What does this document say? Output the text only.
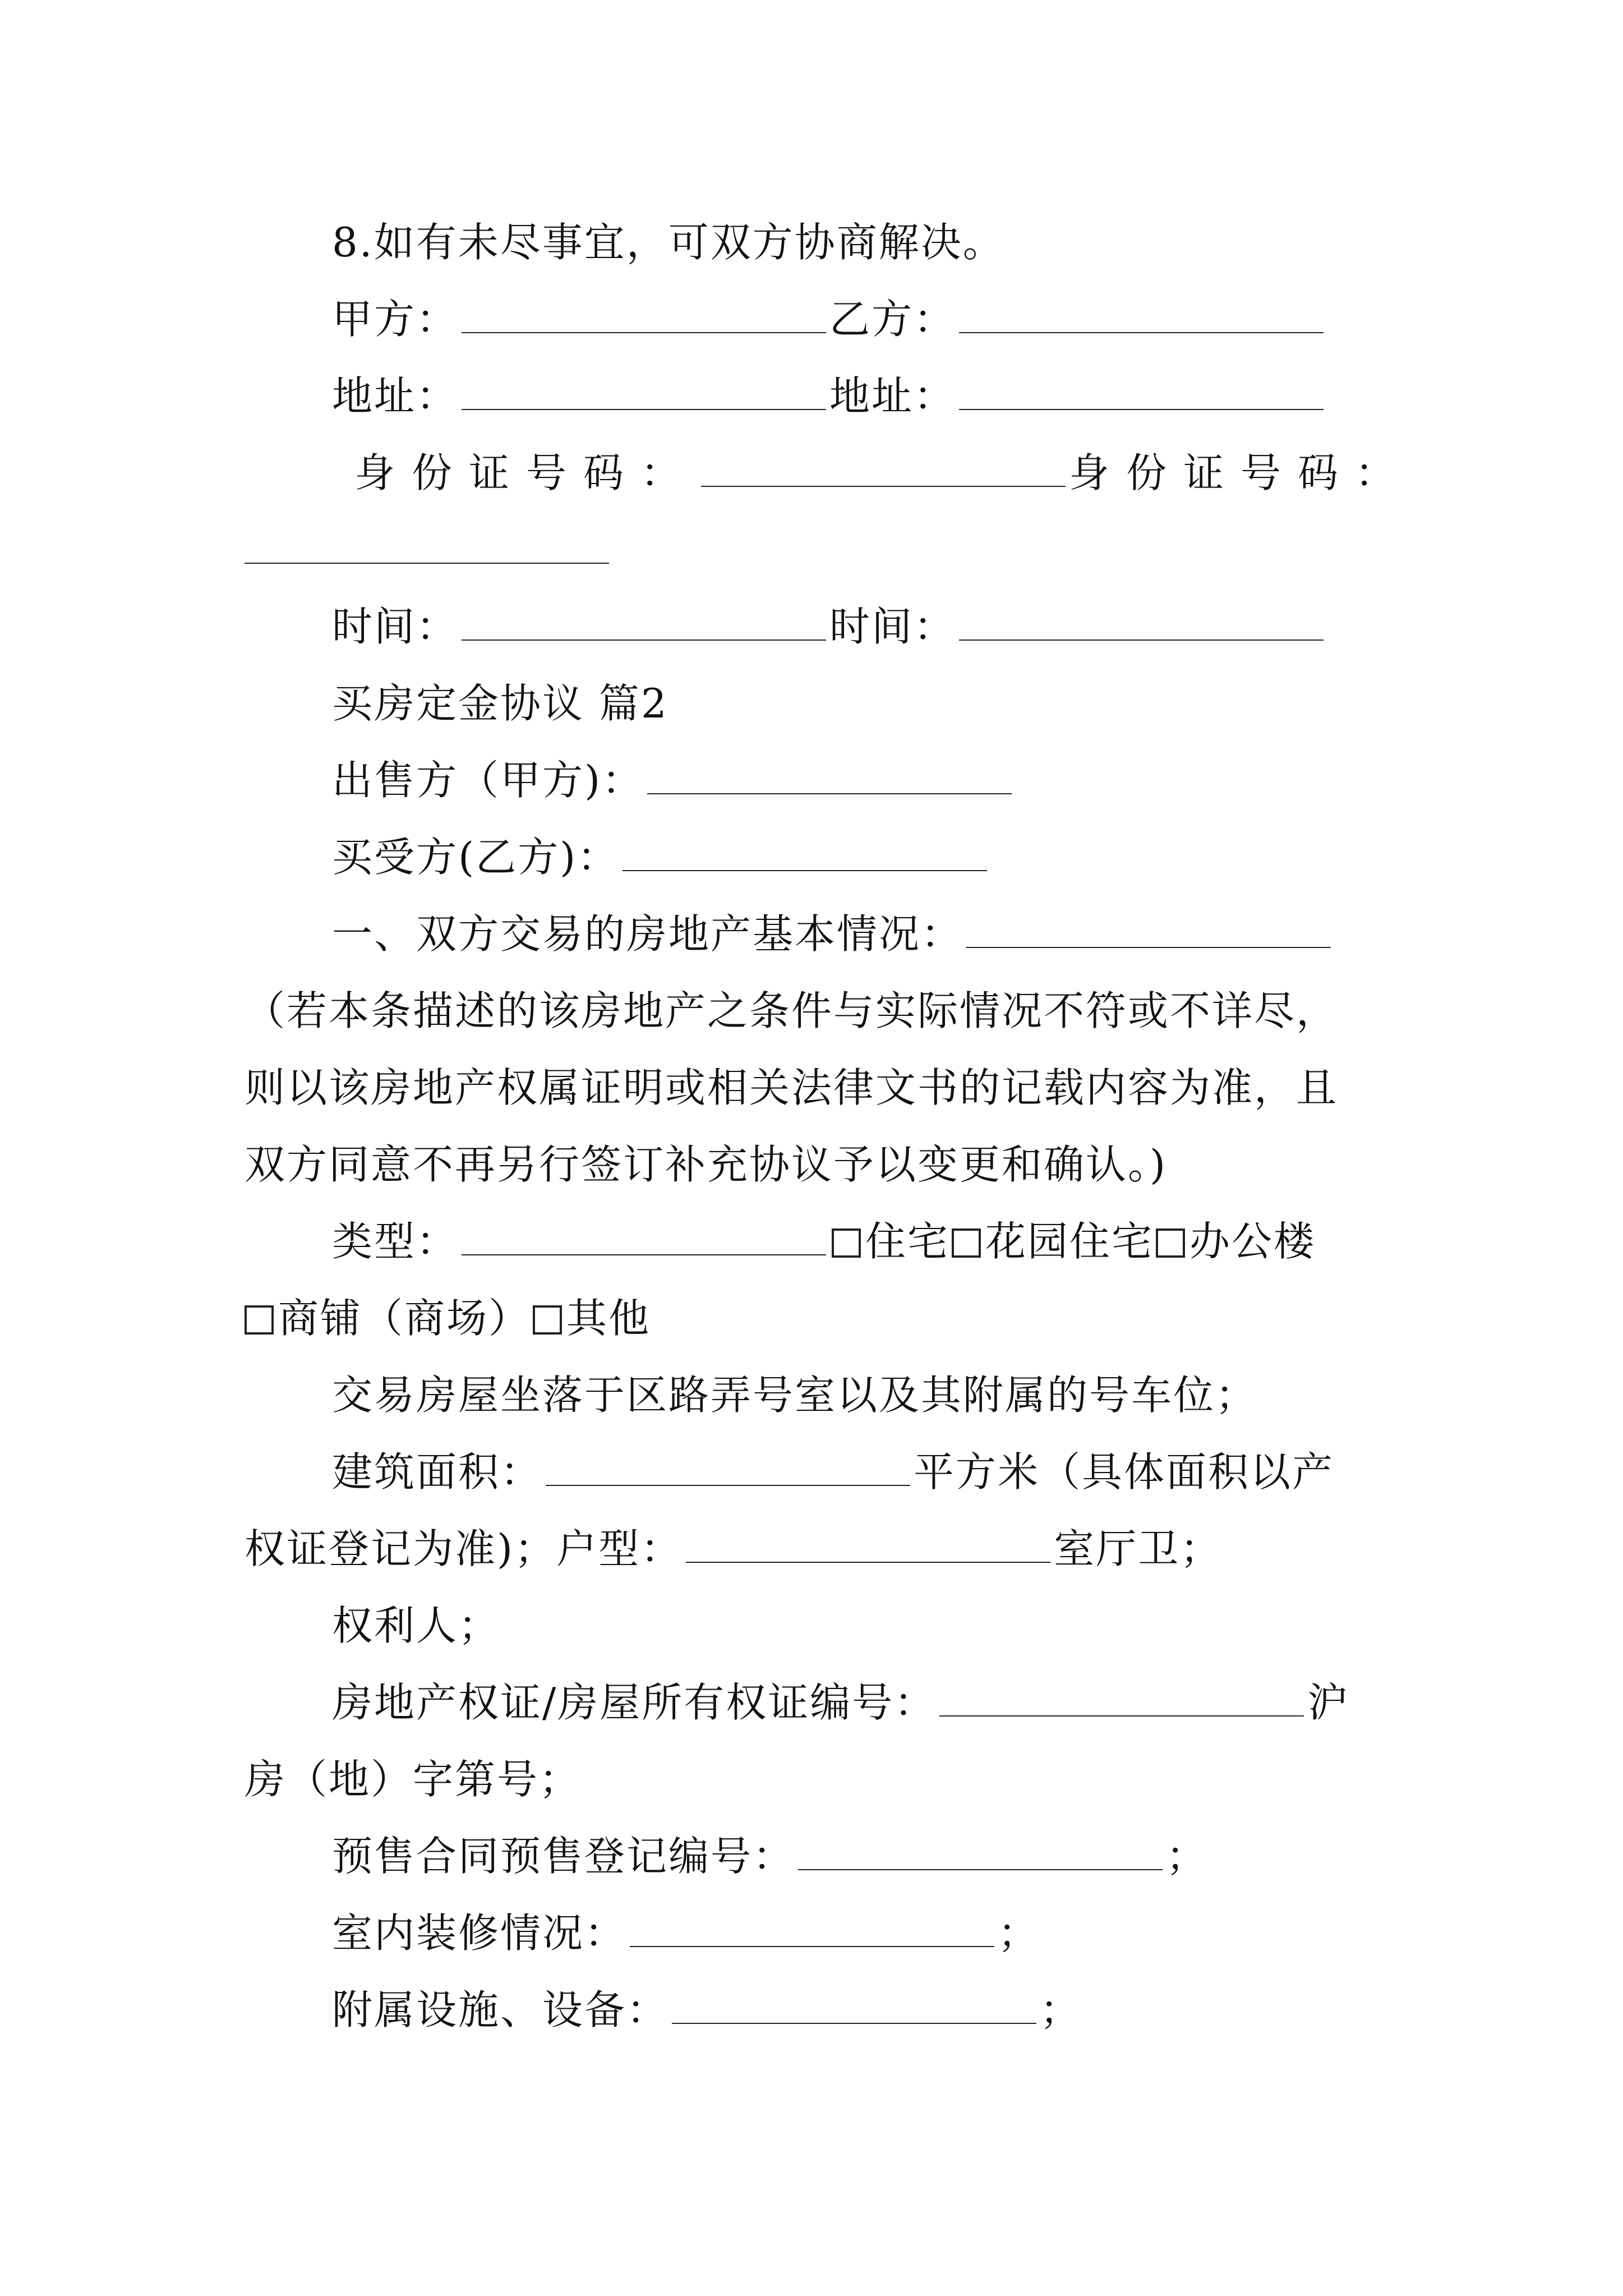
8.如有未尽事宜，可双方协商解决。
甲方：	乙方：
地址：	地址：
身份证号码：	身份证号码：
时间：	时间：
买房定金协议 篇2
出售方（甲方)：
买受方(乙方)：
一、双方交易的房地产基本情况：
（若本条描述的该房地产之条件与实际情况不符或不详尽，
则以该房地产权属证明或相关法律文书的记载内容为准，且
双方同意不再另行签订补充协议予以变更和确认。)
类型：	住宅 花园住宅 办公楼
商铺（商场） 其他
交易房屋坐落于区路弄号室以及其附属的号车位；
建筑面积：	平方米（具体面积以产
权证登记为准)；户型：	室厅卫；
权利人；
房地产权证/房屋所有权证编号：	沪
房（地）字第号；
预售合同预售登记编号：	；
室内装修情况：	；
附属设施、设备：	；
